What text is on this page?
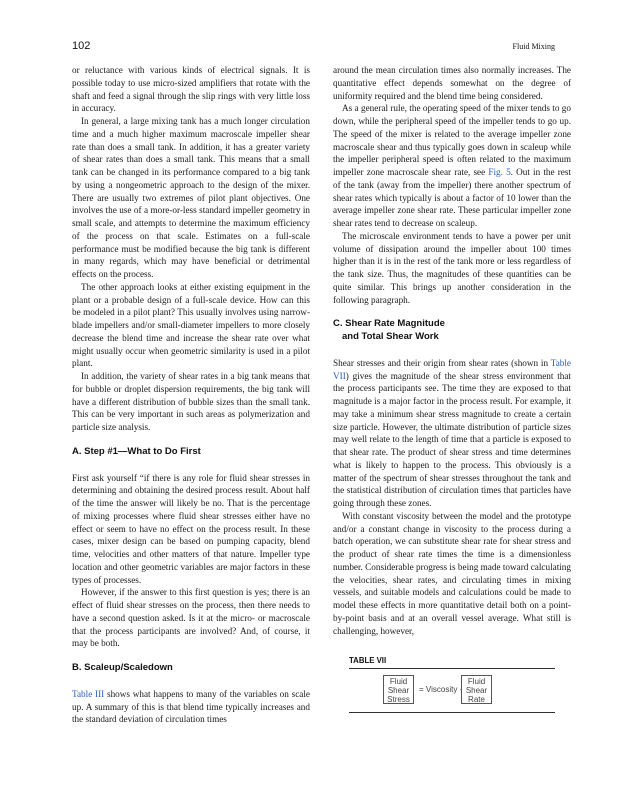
102	Fluid Mixing

or reluctance with various kinds of electrical signals. It is possible today to use micro-sized amplifiers that rotate with the shaft and feed a signal through the slip rings with very little loss in accuracy.

In general, a large mixing tank has a much longer circulation time and a much higher maximum macroscale impeller shear rate than does a small tank. In addition, it has a greater variety of shear rates than does a small tank. This means that a small tank can be changed in its performance compared to a big tank by using a nongeometric approach to the design of the mixer. There are usually two extremes of pilot plant objectives. One involves the use of a more-or-less standard impeller geometry in small scale, and attempts to determine the maximum efficiency of the process on that scale. Estimates on a full-scale performance must be modified because the big tank is different in many regards, which may have beneficial or detrimental effects on the process.

The other approach looks at either existing equipment in the plant or a probable design of a full-scale device. How can this be modeled in a pilot plant? This usually involves using narrow-blade impellers and/or small-diameter impellers to more closely decrease the blend time and increase the shear rate over what might usually occur when geometric similarity is used in a pilot plant.

In addition, the variety of shear rates in a big tank means that for bubble or droplet dispersion requirements, the big tank will have a different distribution of bubble sizes than the small tank. This can be very important in such areas as polymerization and particle size analysis.

A. Step #1—What to Do First

First ask yourself “if there is any role for fluid shear stresses in determining and obtaining the desired process result. About half of the time the answer will likely be no. That is the percentage of mixing processes where fluid shear stresses either have no effect or seem to have no effect on the process result. In these cases, mixer design can be based on pumping capacity, blend time, velocities and other matters of that nature. Impeller type location and other geometric variables are major factors in these types of processes.

However, if the answer to this first question is yes; there is an effect of fluid shear stresses on the process, then there needs to have a second question asked. Is it at the micro- or macroscale that the process participants are involved? And, of course, it may be both.

B. Scaleup/Scaledown

Table III shows what happens to many of the variables on scale up. A summary of this is that blend time typically increases and the standard deviation of circulation times

around the mean circulation times also normally increases. The quantitative effect depends somewhat on the degree of uniformity required and the blend time being considered.

As a general rule, the operating speed of the mixer tends to go down, while the peripheral speed of the impeller tends to go up. The speed of the mixer is related to the average impeller zone macroscale shear and thus typically goes down in scaleup while the impeller peripheral speed is often related to the maximum impeller zone macroscale shear rate, see Fig. 5. Out in the rest of the tank (away from the impeller) there another spectrum of shear rates which typically is about a factor of 10 lower than the average impeller zone shear rate. These particular impeller zone shear rates tend to decrease on scaleup.

The microscale environment tends to have a power per unit volume of dissipation around the impeller about 100 times higher than it is in the rest of the tank more or less regardless of the tank size. Thus, the magnitudes of these quantities can be quite similar. This brings up another consideration in the following paragraph.

C. Shear Rate Magnitude
and Total Shear Work

Shear stresses and their origin from shear rates (shown in Table VII) gives the magnitude of the shear stress environment that the process participants see. The time they are exposed to that magnitude is a major factor in the process result. For example, it may take a minimum shear stress magnitude to create a certain size particle. However, the ultimate distribution of particle sizes may well relate to the length of time that a particle is exposed to that shear rate. The product of shear stress and time determines what is likely to happen to the process. This obviously is a matter of the spectrum of shear stresses throughout the tank and the statistical distribution of circulation times that particles have going through these zones.

With constant viscosity between the model and the prototype and/or a constant change in viscosity to the process during a batch operation, we can substitute shear rate for shear stress and the product of shear rate times the time is a dimensionless number. Considerable progress is being made toward calculating the velocities, shear rates, and circulating times in mixing vessels, and suitable models and calculations could be made to model these effects in more quantitative detail both on a point-by-point basis and at an overall vessel average. What still is challenging, however,

TABLE VII
Fluid
Shear
Stress
= Viscosity ·
Fluid
Shear
Rate
